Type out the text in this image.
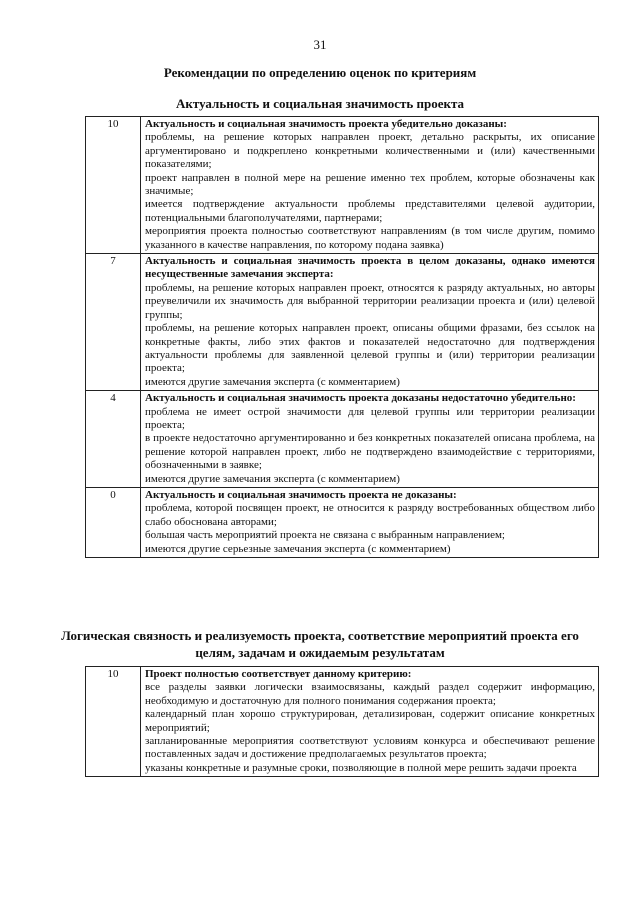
31
Рекомендации по определению оценок по критериям
Актуальность и социальная значимость проекта
10	Актуальность и социальная значимость проекта убедительно доказаны:
проблемы, на решение которых направлен проект, детально раскрыты, их описание аргументировано и подкреплено конкретными количественными и (или) качественными показателями;
проект направлен в полной мере на решение именно тех проблем, которые обозначены как значимые;
имеется подтверждение актуальности проблемы представителями целевой аудитории, потенциальными благополучателями, партнерами;
мероприятия проекта полностью соответствуют направлениям (в том числе другим, помимо указанного в качестве направления, по которому подана заявка)

7	Актуальность и социальная значимость проекта в целом доказаны, однако имеются несущественные замечания эксперта:
проблемы, на решение которых направлен проект, относятся к разряду актуальных, но авторы преувеличили их значимость для выбранной территории реализации проекта и (или) целевой группы;
проблемы, на решение которых направлен проект, описаны общими фразами, без ссылок на конкретные факты, либо этих фактов и показателей недостаточно для подтверждения актуальности проблемы для заявленной целевой группы и (или) территории реализации проекта;
имеются другие замечания эксперта (с комментарием)

4	Актуальность и социальная значимость проекта доказаны недостаточно убедительно:
проблема не имеет острой значимости для целевой группы или территории реализации проекта;
в проекте недостаточно аргументированно и без конкретных показателей описана проблема, на решение которой направлен проект, либо не подтверждено взаимодействие с территориями, обозначенными в заявке;
имеются другие замечания эксперта (с комментарием)

0	Актуальность и социальная значимость проекта не доказаны:
проблема, которой посвящен проект, не относится к разряду востребованных обществом либо слабо обоснована авторами;
большая часть мероприятий проекта не связана с выбранным направлением;
имеются другие серьезные замечания эксперта (с комментарием)
Логическая связность и реализуемость проекта, соответствие мероприятий проекта его целям, задачам и ожидаемым результатам
10	Проект полностью соответствует данному критерию:
все разделы заявки логически взаимосвязаны, каждый раздел содержит информацию, необходимую и достаточную для полного понимания содержания проекта;
календарный план хорошо структурирован, детализирован, содержит описание конкретных мероприятий;
запланированные мероприятия соответствуют условиям конкурса и обеспечивают решение поставленных задач и достижение предполагаемых результатов проекта;
указаны конкретные и разумные сроки, позволяющие в полной мере решить задачи проекта
